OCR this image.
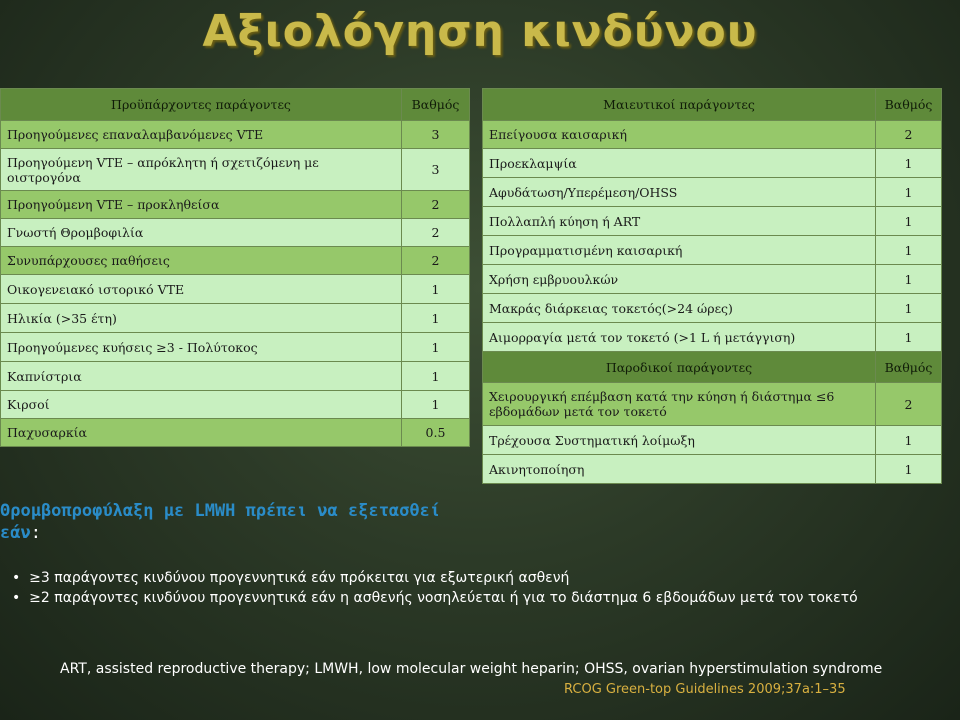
Αξιολόγηση κινδύνου
Προϋπάρχοντες παράγοντες	Βαθμός
Προηγούμενες επαναλαμβανόμενες VTE	3
Προηγούμενη VTE – απρόκλητη ή σχετιζόμενη με οιστρογόνα	3
Προηγούμενη VTE – προκληθείσα	2
Γνωστή Θρομβοφιλία	2
Συνυπάρχουσες παθήσεις	2
Οικογενειακό ιστορικό VTE	1
Ηλικία (>35 έτη)	1
Προηγούμενες κυήσεις ≥3 - Πολύτοκος	1
Καπνίστρια	1
Κιρσοί	1
Παχυσαρκία	0.5
Μαιευτικοί παράγοντες	Βαθμός
Επείγουσα καισαρική	2
Προεκλαμψία	1
Αφυδάτωση/Υπερέμεση/OHSS	1
Πολλαπλή κύηση ή ART	1
Προγραμματισμένη καισαρική	1
Χρήση εμβρυουλκών	1
Μακράς διάρκειας τοκετός(>24 ώρες)	1
Αιμορραγία μετά τον τοκετό (>1 L ή μετάγγιση)	1
Παροδικοί παράγοντες	Βαθμός
Χειρουργική επέμβαση κατά την κύηση ή διάστημα ≤6 εβδομάδων μετά τον τοκετό	2
Τρέχουσα Συστηματική λοίμωξη	1
Ακινητοποίηση	1
Θρομβοπροφύλαξη με LMWH πρέπει να εξετασθεί εάν:
• ≥3 παράγοντες κινδύνου προγεννητικά εάν πρόκειται για εξωτερική ασθενή
• ≥2 παράγοντες κινδύνου προγεννητικά εάν η ασθενής νοσηλεύεται ή για το διάστημα 6 εβδομάδων μετά τον τοκετό
ART, assisted reproductive therapy; LMWH, low molecular weight heparin; OHSS, ovarian hyperstimulation syndrome
RCOG Green-top Guidelines 2009;37a:1–35
